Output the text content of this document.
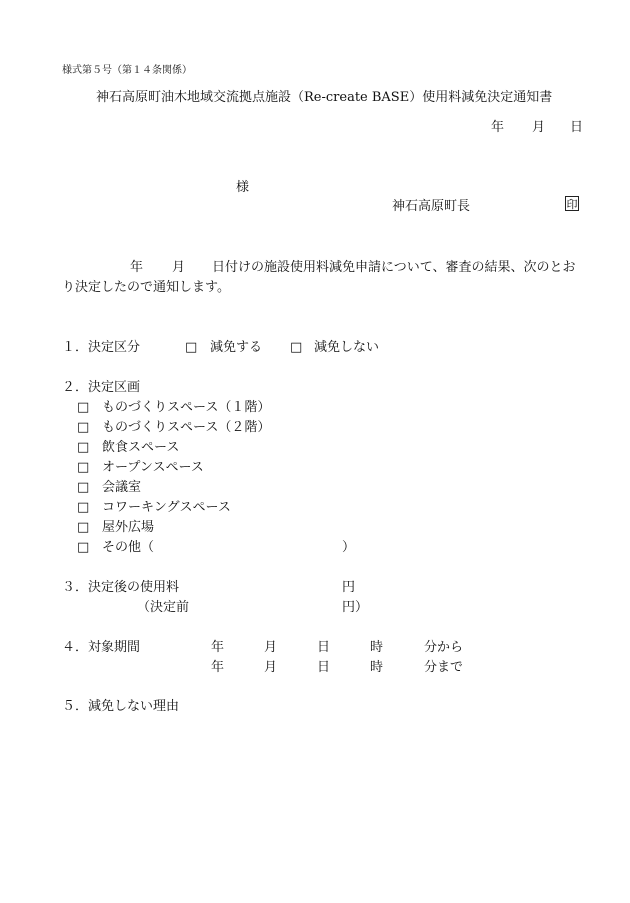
様式第５号（第１４条関係）
神石高原町油木地域交流拠点施設（Re-create BASE）使用料減免決定通知書
年 月 日
様
神石高原町長	印
年 月 日付けの施設使用料減免申請について、審査の結果、次のとお
り決定したので通知します。
１．決定区分	□ 減免する □ 減免しない
２．決定区画
□ ものづくりスペース（１階）
□ ものづくりスペース（２階）
□ 飲食スペース
□ オープンスペース
□ 会議室
□ コワーキングスペース
□ 屋外広場
□ その他（	）
３．決定後の使用料	円
（決定前	円）
４．対象期間	年	月	日	時	分から
年	月	日	時	分まで
５．減免しない理由
